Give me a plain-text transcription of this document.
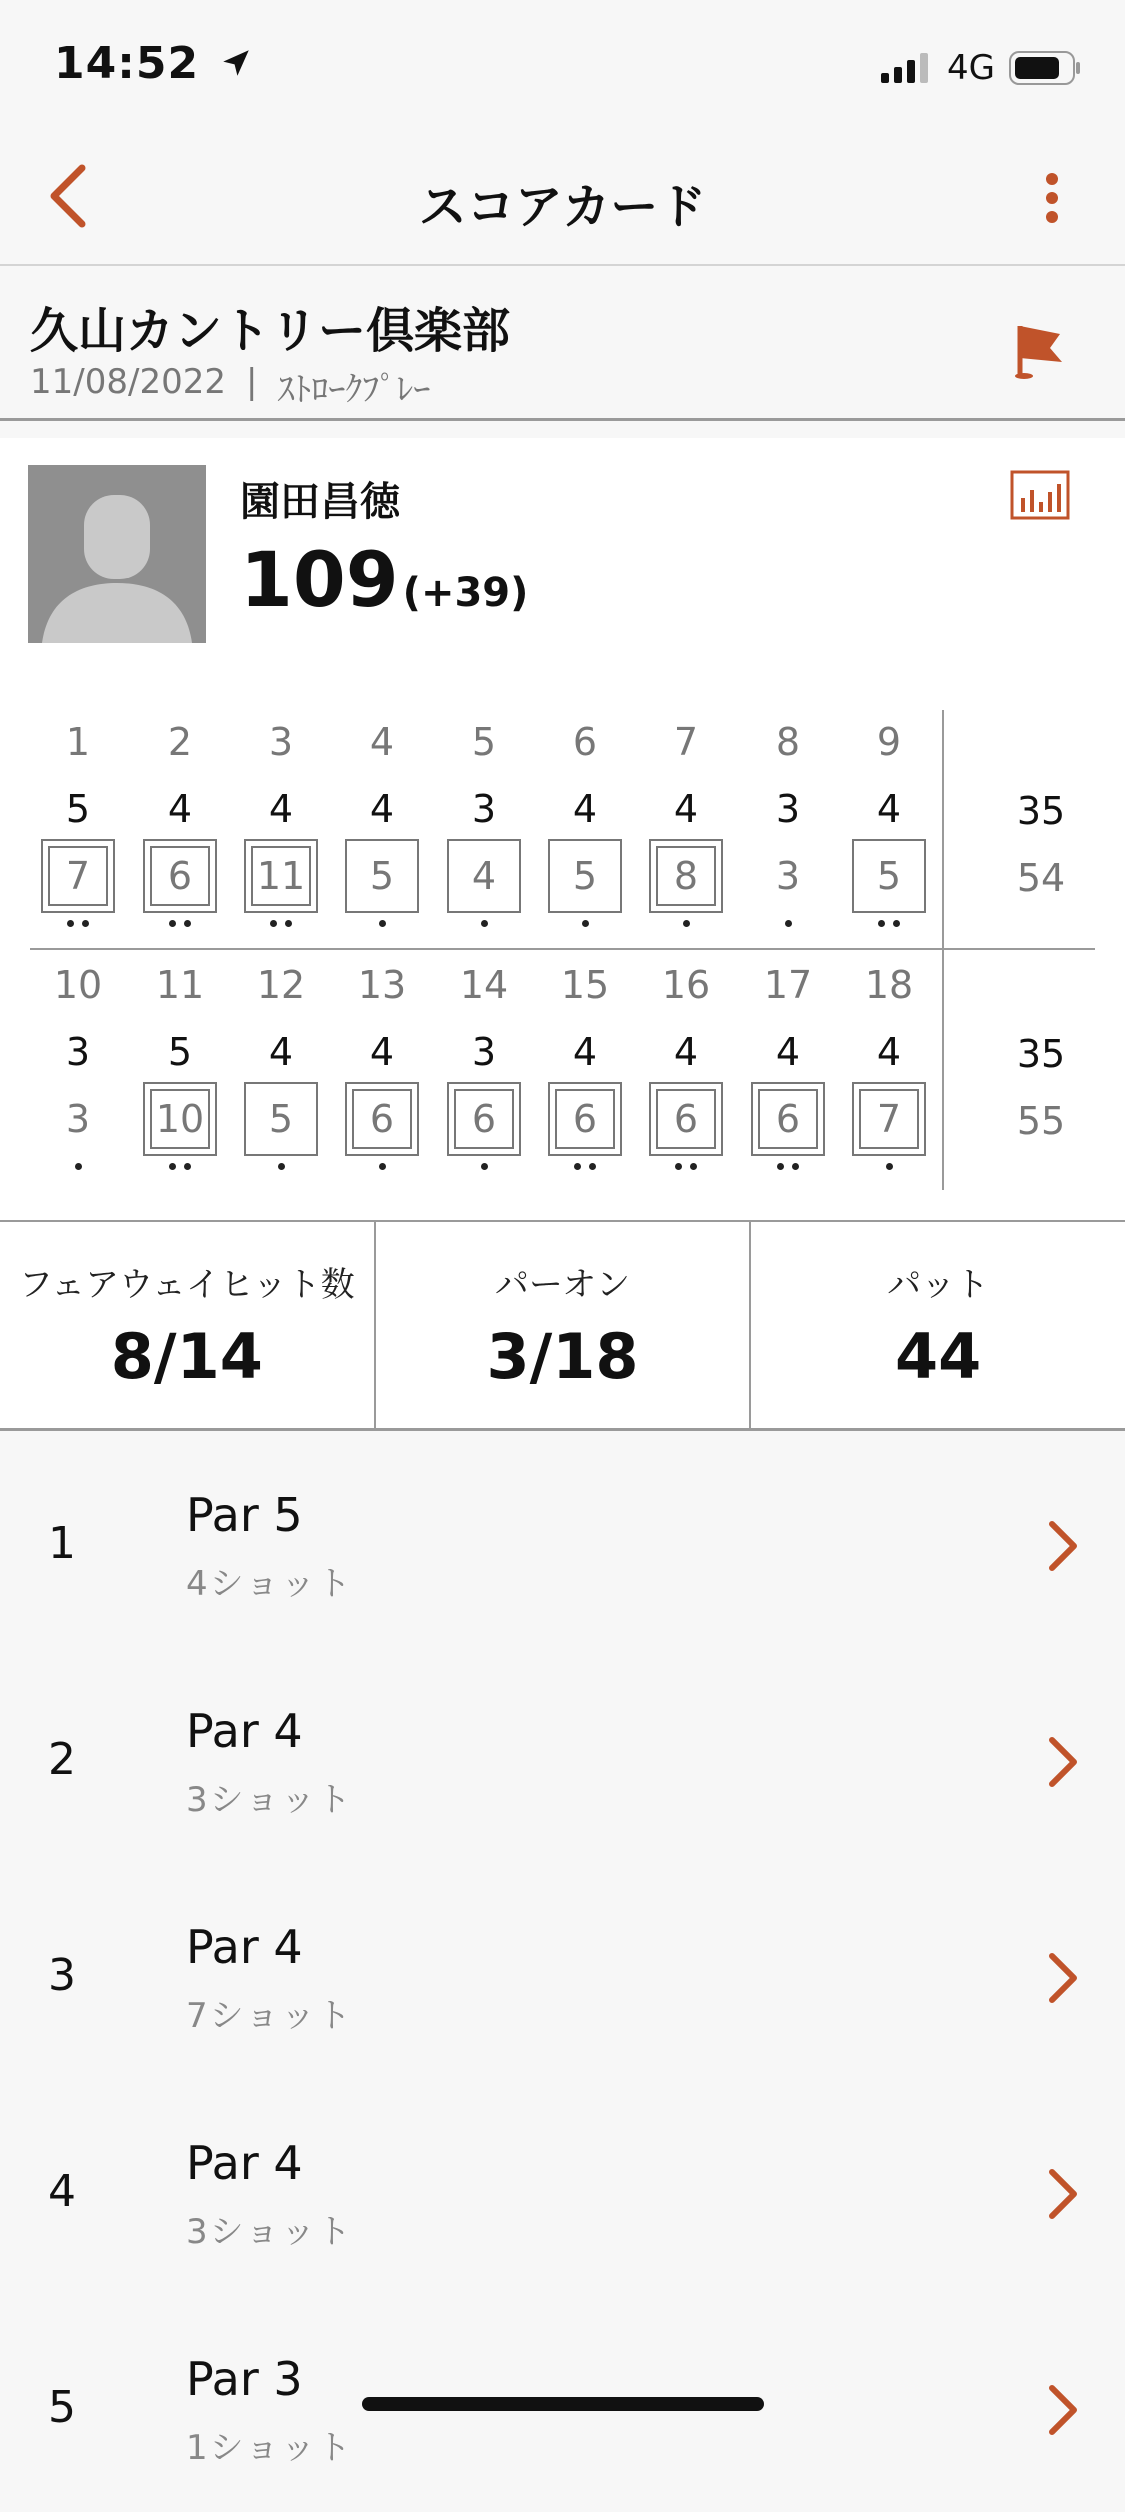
14:52	4G
スコアカード
久山カントリー倶楽部
11/08/2022 | ｽﾄﾛｰｸﾌﾟﾚｰ
園田昌徳
109 (+39)
1
5
7
2
4
6
3
4
11
4
4
5
5
3
4
6
4
5
7
4
8
8
3
3
9
4
5
35
54
10
3
3
11
5
10
12
4
5
13
4
6
14
3
6
15
4
6
16
4
6
17
4
6
18
4
7
35
55
フェアウェイヒット数
8/14
パーオン
3/18
パット
44
1
Par 5
4ショット
2
Par 4
3ショット
3
Par 4
7ショット
4
Par 4
3ショット
5
Par 3
1ショット
